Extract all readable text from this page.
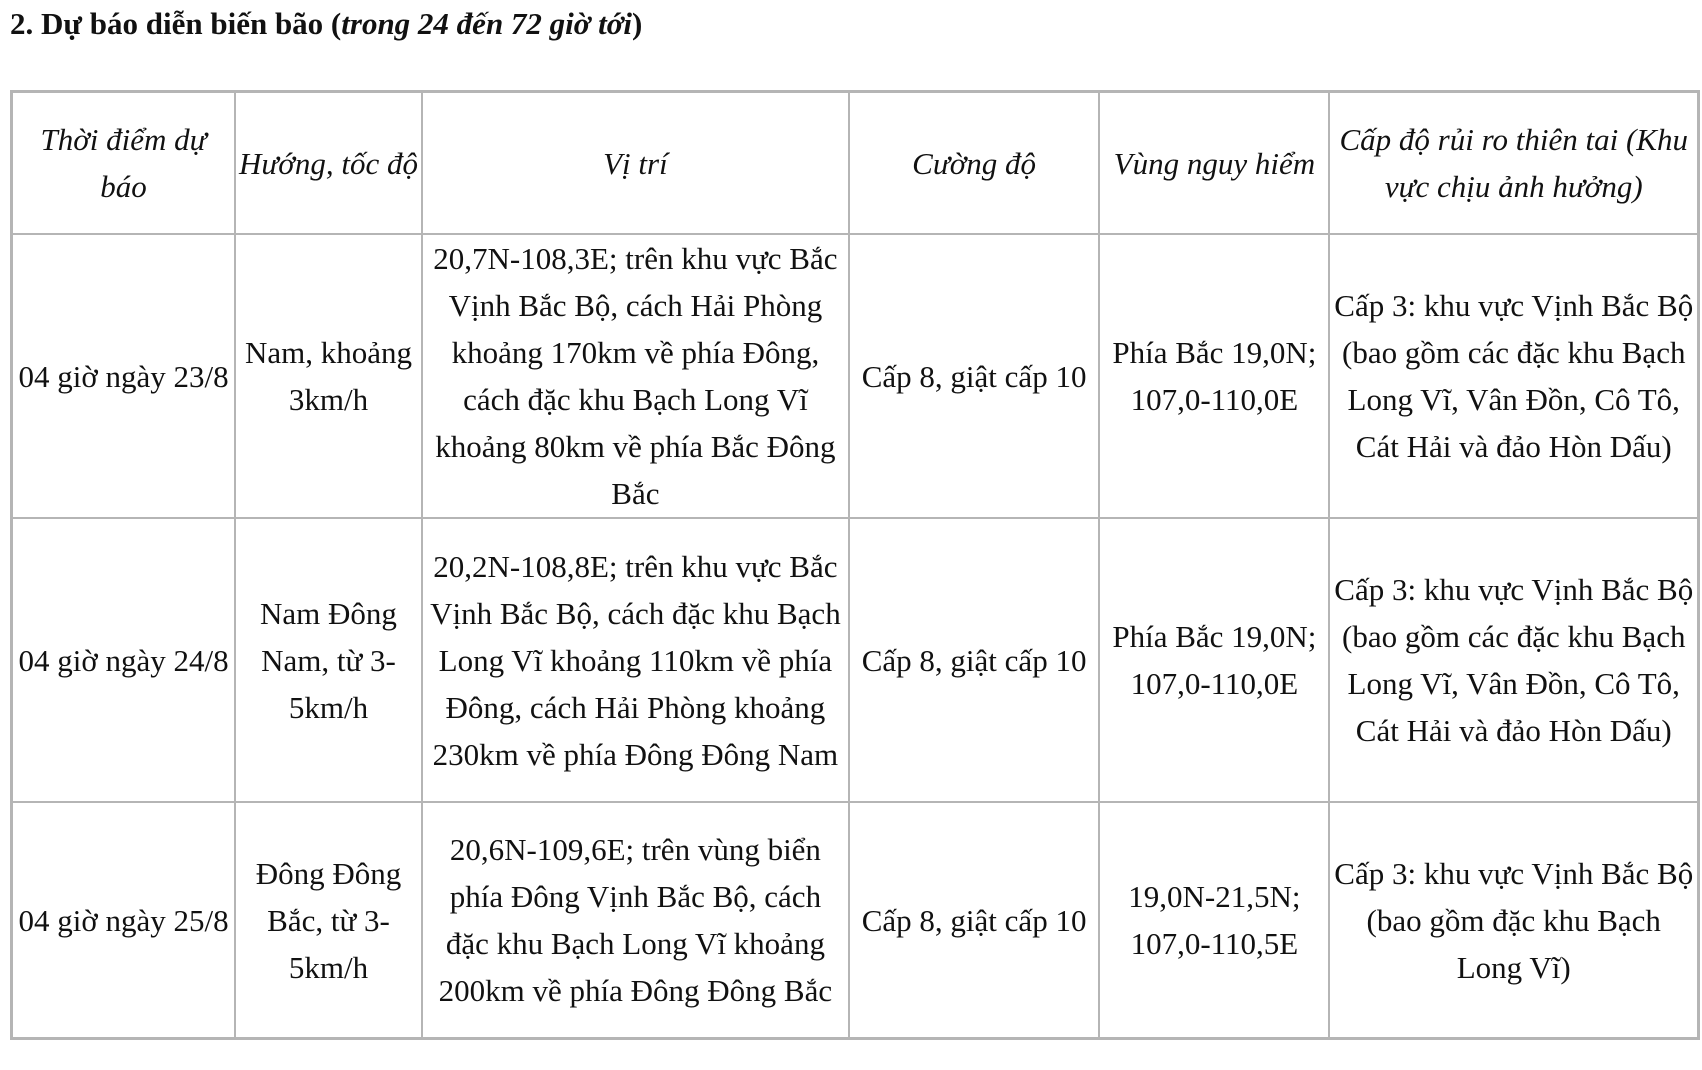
2. Dự báo diễn biến bão (trong 24 đến 72 giờ tới)
Thời điểm dự báo	Hướng, tốc độ	Vị trí	Cường độ	Vùng nguy hiểm	Cấp độ rủi ro thiên tai (Khu vực chịu ảnh hưởng)
04 giờ ngày 23/8	Nam, khoảng 3km/h	20,7N-108,3E; trên khu vực Bắc Vịnh Bắc Bộ, cách Hải Phòng khoảng 170km về phía Đông, cách đặc khu Bạch Long Vĩ khoảng 80km về phía Bắc Đông Bắc	Cấp 8, giật cấp 10	Phía Bắc 19,0N; 107,0-110,0E	Cấp 3: khu vực Vịnh Bắc Bộ (bao gồm các đặc khu Bạch Long Vĩ, Vân Đồn, Cô Tô, Cát Hải và đảo Hòn Dấu)
04 giờ ngày 24/8	Nam Đông Nam, từ 3-5km/h	20,2N-108,8E; trên khu vực Bắc Vịnh Bắc Bộ, cách đặc khu Bạch Long Vĩ khoảng 110km về phía Đông, cách Hải Phòng khoảng 230km về phía Đông Đông Nam	Cấp 8, giật cấp 10	Phía Bắc 19,0N; 107,0-110,0E	Cấp 3: khu vực Vịnh Bắc Bộ (bao gồm các đặc khu Bạch Long Vĩ, Vân Đồn, Cô Tô, Cát Hải và đảo Hòn Dấu)
04 giờ ngày 25/8	Đông Đông Bắc, từ 3-5km/h	20,6N-109,6E; trên vùng biển phía Đông Vịnh Bắc Bộ, cách đặc khu Bạch Long Vĩ khoảng 200km về phía Đông Đông Bắc	Cấp 8, giật cấp 10	19,0N-21,5N; 107,0-110,5E	Cấp 3: khu vực Vịnh Bắc Bộ (bao gồm đặc khu Bạch Long Vĩ)
